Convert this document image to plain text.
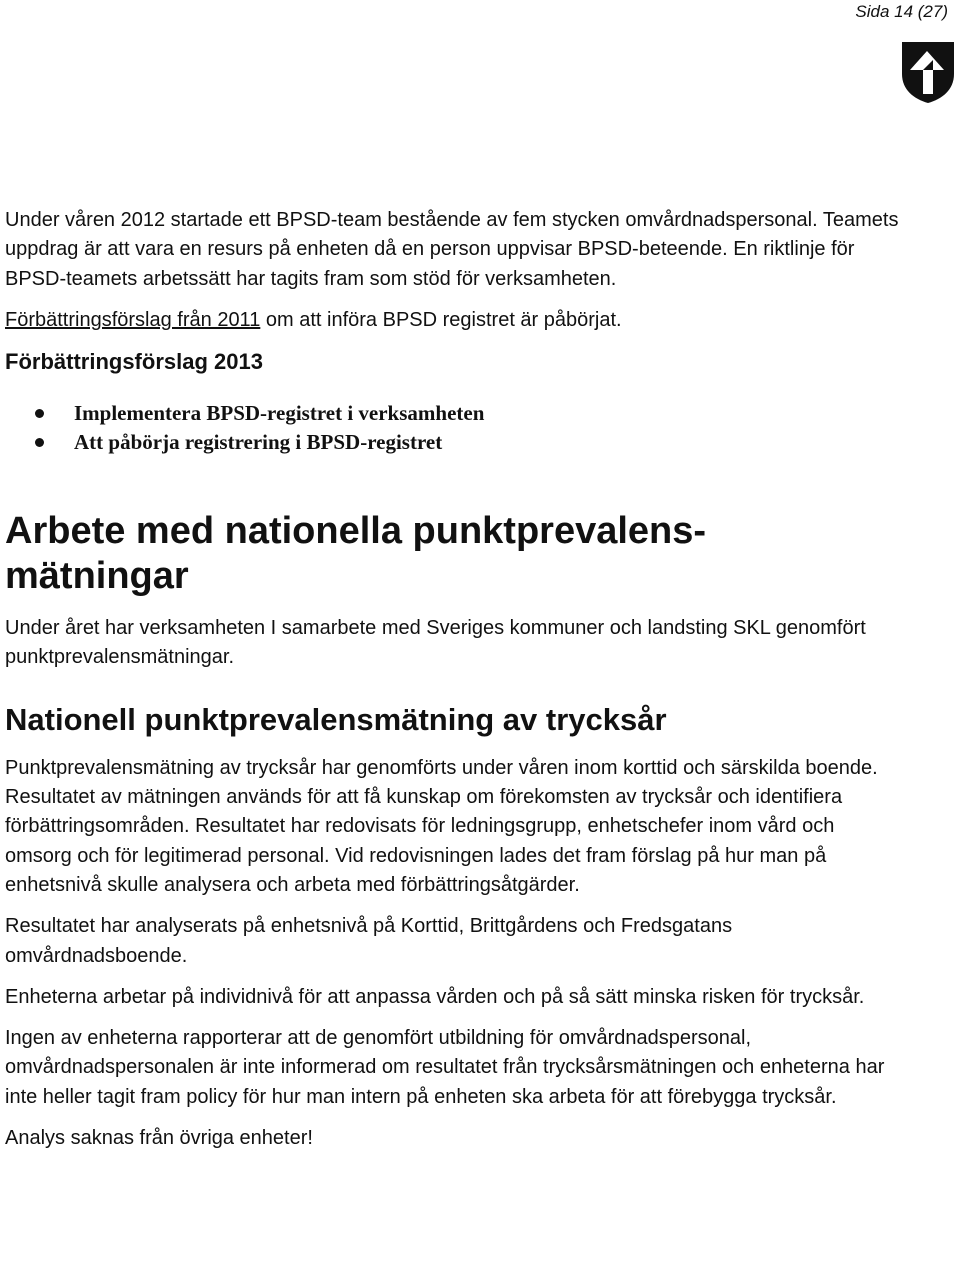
Sida 14 (27)

Under våren 2012 startade ett BPSD-team bestående av fem stycken omvårdnadspersonal. Teamets uppdrag är att vara en resurs på enheten då en person uppvisar BPSD-beteende. En riktlinje för BPSD-teamets arbetssätt har tagits fram som stöd för verksamheten.

Förbättringsförslag från 2011 om att införa BPSD registret är påbörjat.

Förbättringsförslag 2013
Implementera BPSD-registret i verksamheten
Att påbörja registrering i BPSD-registret
Arbete med nationella punktprevalens-
mätningar

Under året har verksamheten I samarbete med Sveriges kommuner och landsting SKL genomfört punktprevalensmätningar.

Nationell punktprevalensmätning av trycksår

Punktprevalensmätning av trycksår har genomförts under våren inom korttid och särskilda boende. Resultatet av mätningen används för att få kunskap om förekomsten av trycksår och identifiera förbättringsområden. Resultatet har redovisats för ledningsgrupp, enhetschefer inom vård och omsorg och för legitimerad personal. Vid redovisningen lades det fram förslag på hur man på enhetsnivå skulle analysera och arbeta med förbättringsåtgärder.

Resultatet har analyserats på enhetsnivå på Korttid, Brittgårdens och Fredsgatans omvårdnadsboende.

Enheterna arbetar på individnivå för att anpassa vården och på så sätt minska risken för trycksår.

Ingen av enheterna rapporterar att de genomfört utbildning för omvårdnadspersonal, omvårdnadspersonalen är inte informerad om resultatet från trycksårsmätningen och enheterna har inte heller tagit fram policy för hur man intern på enheten ska arbeta för att förebygga trycksår.

Analys saknas från övriga enheter!
